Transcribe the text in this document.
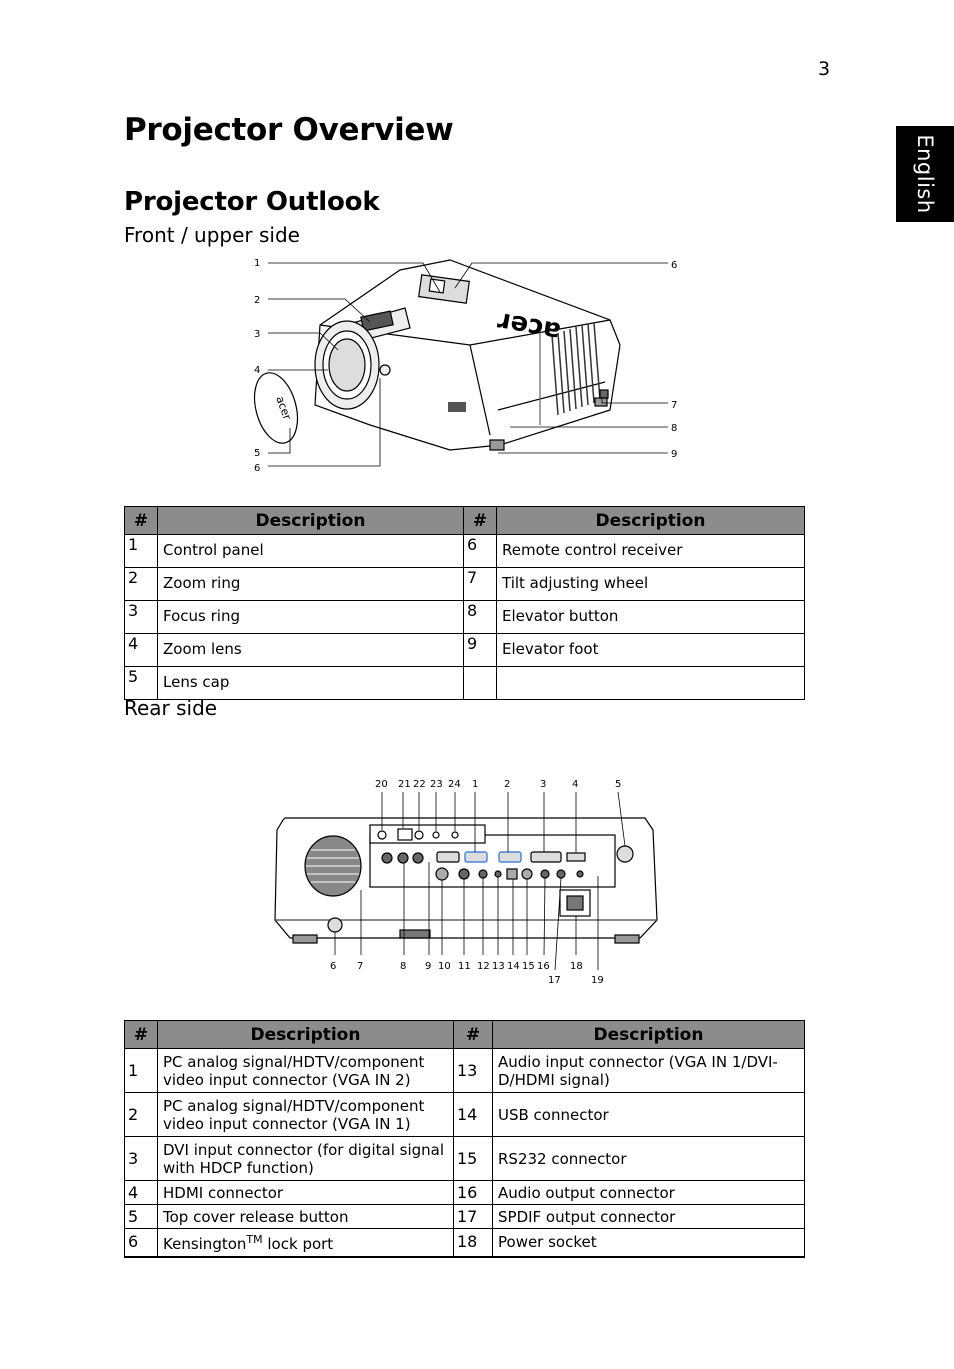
3
English
Projector Overview
Projector Outlook
Front / upper side
acer
acer
1
2
3
4
5
6
6
7
8
9
#	Description	#	Description
1	Control panel	6	Remote control receiver
2	Zoom ring	7	Tilt adjusting wheel
3	Focus ring	8	Elevator button
4	Zoom lens	9	Elevator foot
5	Lens cap		
Rear side
20 21 22 23 24 1	2	3	4	5
6 7	8 9 10 11 12 13 14 15 16 18
17	19
#	Description	#	Description
1	PC analog signal/HDTV/component video input connector (VGA IN 2)	13	Audio input connector (VGA IN 1/DVI-D/HDMI signal)
2	PC analog signal/HDTV/component video input connector (VGA IN 1)	14	USB connector
3	DVI input connector (for digital signal with HDCP function)	15	RS232 connector
4	HDMI connector	16	Audio output connector
5	Top cover release button	17	SPDIF output connector
6	Kensington™ lock port	18	Power socket
